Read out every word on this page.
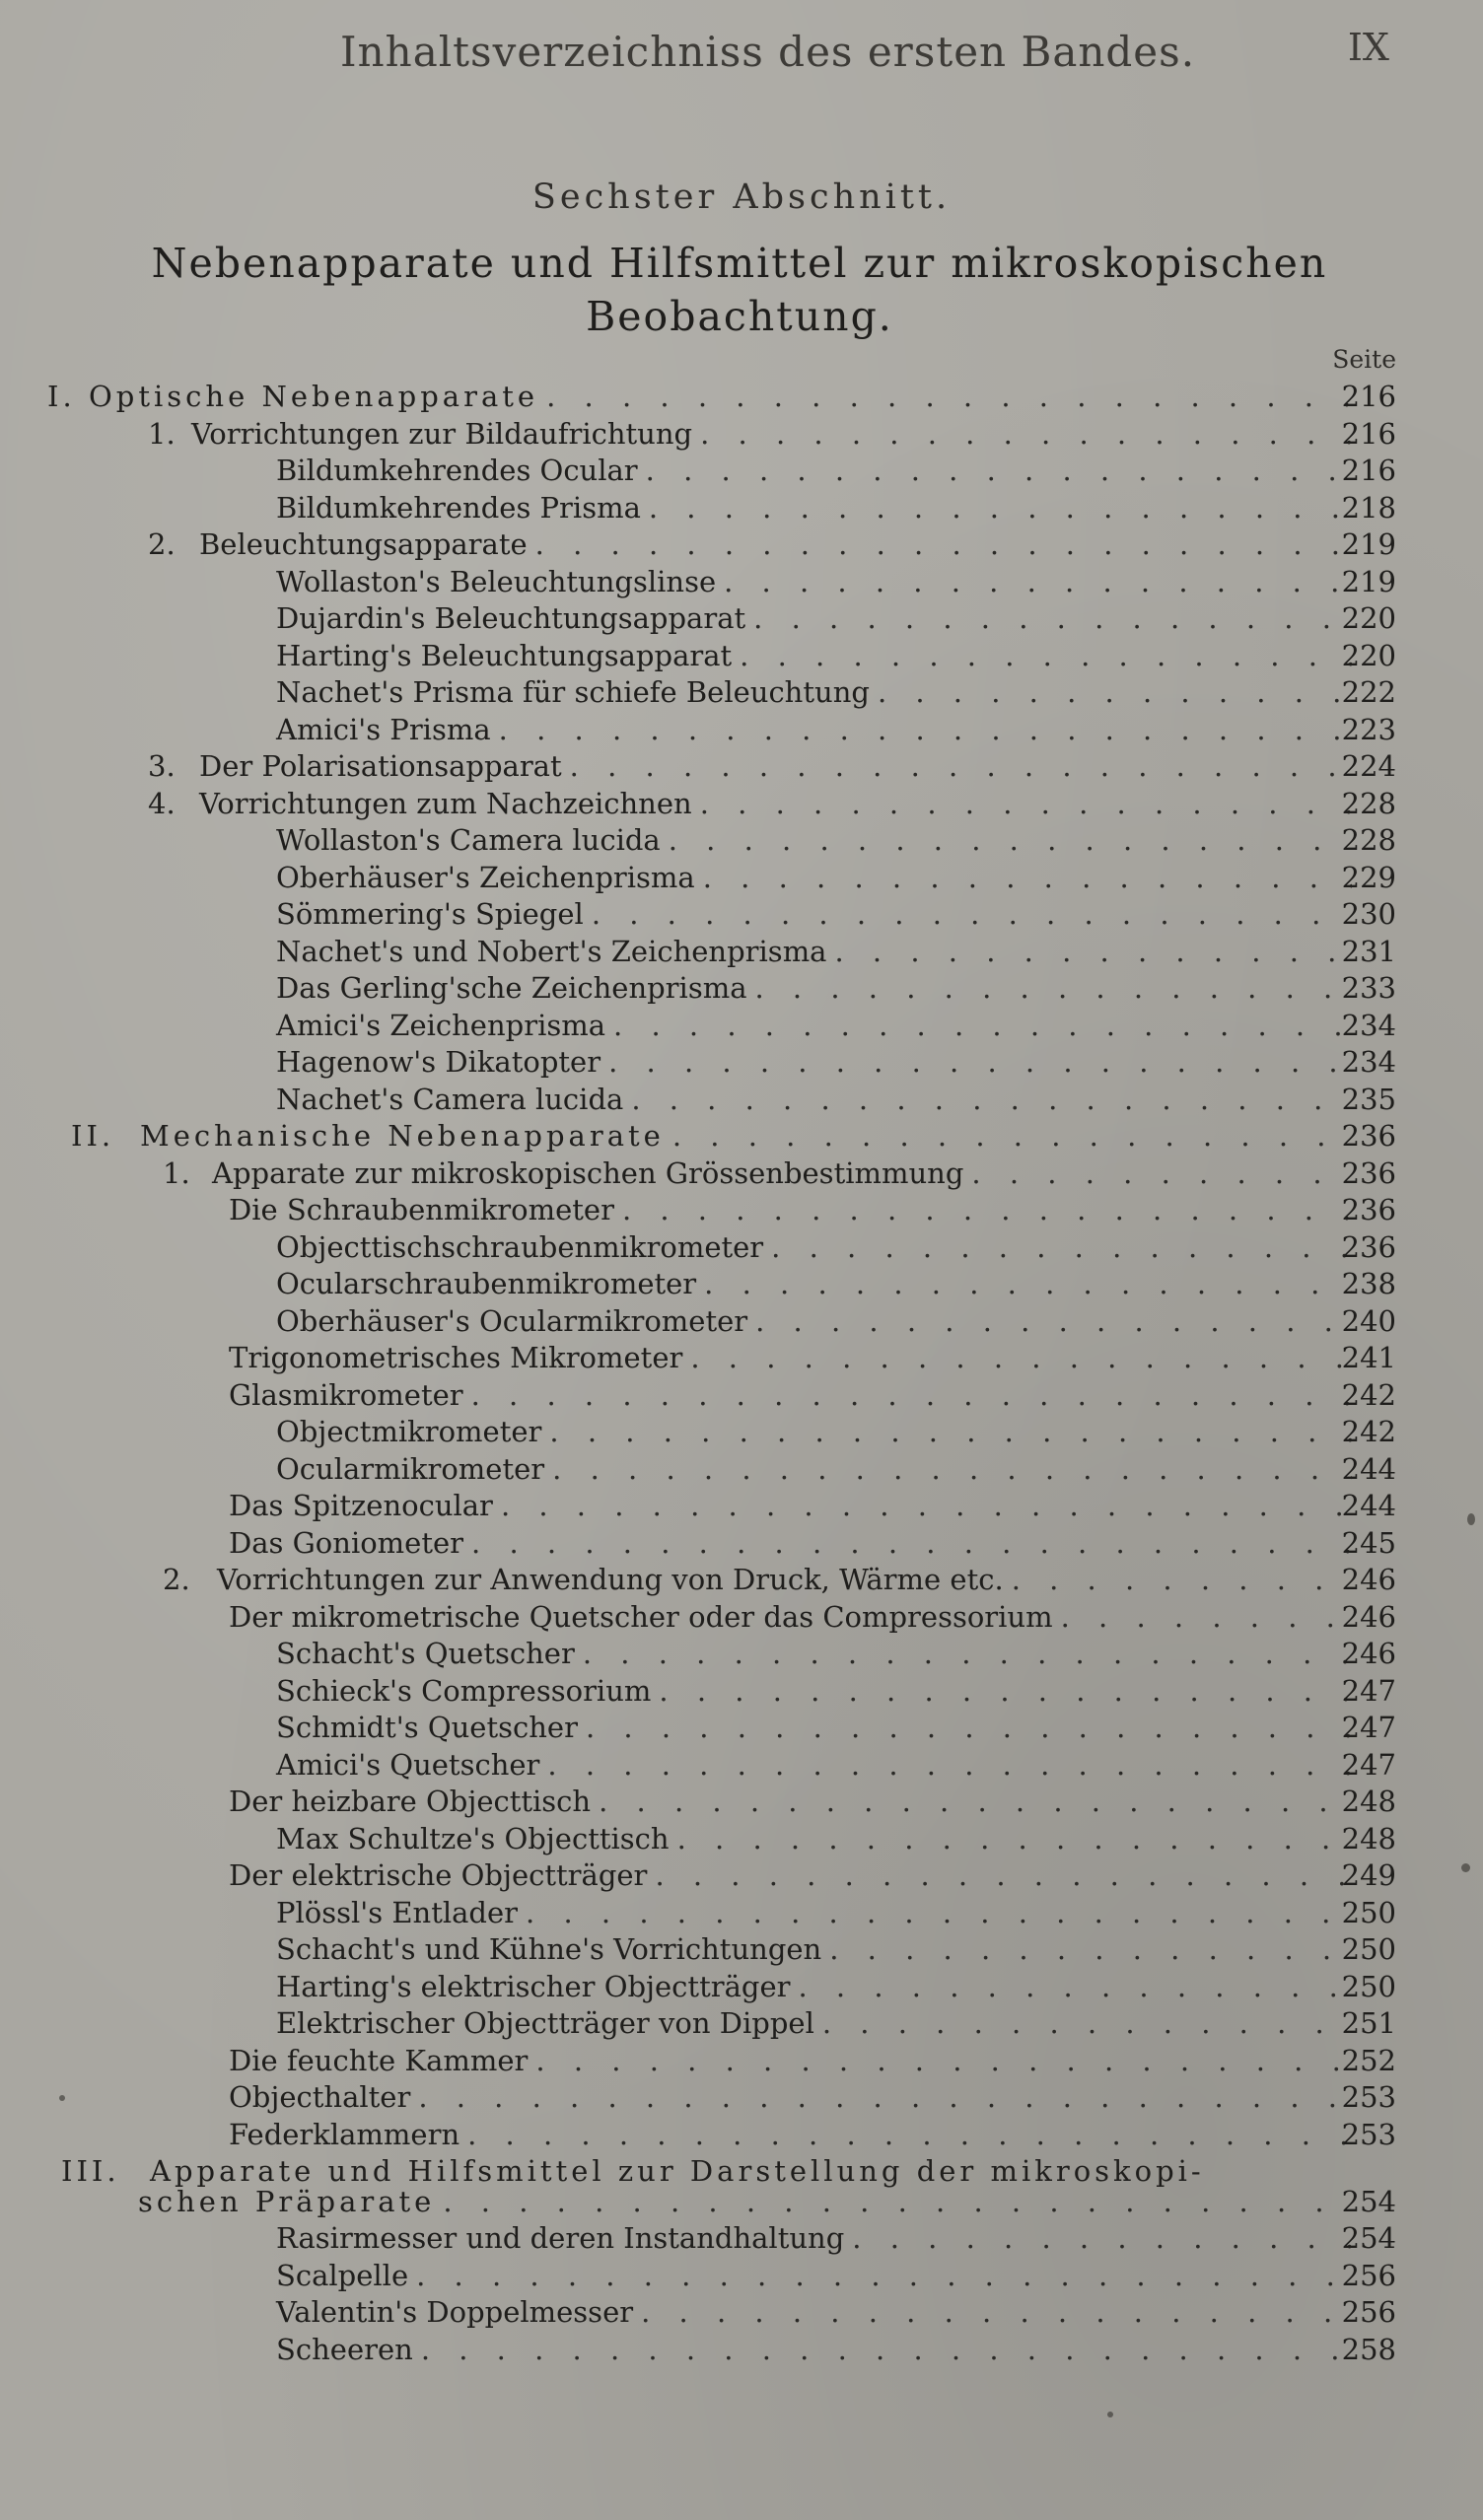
Inhaltsverzeichniss des ersten Bandes.	IX
Sechster Abschnitt.
Nebenapparate und Hilfsmittel zur mikroskopischen
Beobachtung.
Seite
I. Optische Nebenapparate . . .	216
1. Vorrichtungen zur Bildaufrichtung . . .	216
Bildumkehrendes Ocular . . .	216
Bildumkehrendes Prisma . . .	218
2. Beleuchtungsapparate . . .	219
Wollaston's Beleuchtungslinse . . .	219
Dujardin's Beleuchtungsapparat . . .	220
Harting's Beleuchtungsapparat . . .	220
Nachet's Prisma für schiefe Beleuchtung . . .	222
Amici's Prisma . . .	223
3. Der Polarisationsapparat . . .	224
4. Vorrichtungen zum Nachzeichnen . . .	228
Wollaston's Camera lucida . . .	228
Oberhäuser's Zeichenprisma . . .	229
Sömmering's Spiegel . . .	230
Nachet's und Nobert's Zeichenprisma . . .	231
Das Gerling'sche Zeichenprisma . . .	233
Amici's Zeichenprisma . . .	234
Hagenow's Dikatopter . . .	234
Nachet's Camera lucida . . .	235
II. Mechanische Nebenapparate . . .	236
1. Apparate zur mikroskopischen Grössenbestimmung . . .	236
Die Schraubenmikrometer . . .	236
Objecttischschraubenmikrometer . . .	236
Ocularschraubenmikrometer . . .	238
Oberhäuser's Ocularmikrometer . . .	240
Trigonometrisches Mikrometer . . .	241
Glasmikrometer . . .	242
Objectmikrometer . . .	242
Ocularmikrometer . . .	244
Das Spitzenocular . . .	244
Das Goniometer . . .	245
2. Vorrichtungen zur Anwendung von Druck, Wärme etc. . . .	246
Der mikrometrische Quetscher oder das Compressorium . . .	246
Schacht's Quetscher . . .	246
Schieck's Compressorium . . .	247
Schmidt's Quetscher . . .	247
Amici's Quetscher . . .	247
Der heizbare Objecttisch . . .	248
Max Schultze's Objecttisch . . .	248
Der elektrische Objectträger . . .	249
Plössl's Entlader . . .	250
Schacht's und Kühne's Vorrichtungen . . .	250
Harting's elektrischer Objectträger . . .	250
Elektrischer Objectträger von Dippel . . .	251
Die feuchte Kammer . . .	252
Objecthalter . . .	253
Federklammern . . .	253
III.	Apparate und Hilfsmittel zur Darstellung der mikroskopi-
schen Präparate . . .	254
Rasirmesser und deren Instandhaltung . . .	254
Scalpelle . . .	256
Valentin's Doppelmesser . . .	256
Scheeren . . .	258
